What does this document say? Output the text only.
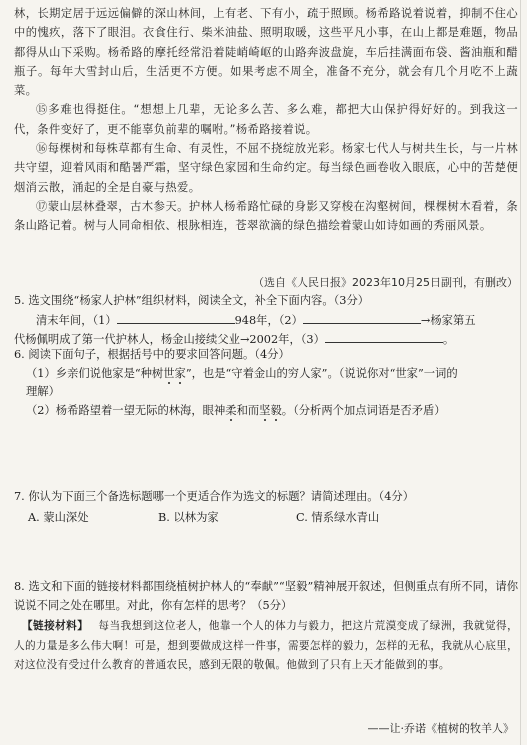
林，长期定居于远远偏僻的深山林间，上有老、下有小，疏于照顾。杨希路说着说着，抑制不住心中的愧疚，落下了眼泪。衣食住行、柴米油盐、照明取暖，这些平凡小事，在山上都是难题，物品都得从山下采购。杨希路的摩托经常沿着陡峭崎岖的山路奔波盘旋，车后挂满面布袋、酱油瓶和醋瓶子。每年大雪封山后，生活更不方便。如果考虑不周全，准备不充分，就会有几个月吃不上蔬菜。

⑮多难也得挺住。“想想上几辈，无论多么苦、多么难，都把大山保护得好好的。到我这一代，条件变好了，更不能辜负前辈的嘱咐。”杨希路接着说。

⑯每棵树和每株草都有生命、有灵性，不屈不挠绽放光彩。杨家七代人与树共生长，与一片林共守望，迎着风雨和酷暑严霜，坚守绿色家园和生命约定。每当绿色画卷收入眼底，心中的苦楚便烟消云散，涌起的全是自豪与热爱。

⑰蒙山层林叠翠，古木参天。护林人杨希路忙碌的身影又穿梭在沟壑树间，棵棵树木看着，条条山路记着。树与人同命相依、根脉相连，苍翠欲滴的绿色描绘着蒙山如诗如画的秀丽风景。

（选自《人民日报》2023年10月25日副刊，有删改）

5. 选文围绕“杨家人护林”组织材料，阅读全文，补全下面内容。（3分）

清末年间，（1）	948年，（2）	→杨家第五

代杨佩明成了第一代护林人，杨金山接续父业→2002年，（3）	。

6. 阅读下面句子，根据括号中的要求回答问题。（4分）

（1）乡亲们说他家是“种树世家”，也是“守着金山的穷人家”。（说说你对“世家”一词的

理解）

（2）杨希路望着一望无际的林海，眼神柔和而坚毅。（分析两个加点词语是否矛盾）

7. 你认为下面三个备选标题哪一个更适合作为选文的标题？请简述理由。（4分）

A. 蒙山深处	B. 以林为家	C. 情系绿水青山

8. 选文和下面的链接材料都围绕植树护林人的“奉献”“坚毅”精神展开叙述，但侧重点有所不同，请你说说不同之处在哪里。对此，你有怎样的思考？（5分）

【链接材料】 每当我想到这位老人，他靠一个人的体力与毅力，把这片荒漠变成了绿洲，我就觉得，人的力量是多么伟大啊！可是，想到要做成这样一件事，需要怎样的毅力，怎样的无私，我就从心底里，对这位没有受过什么教育的普通农民，感到无限的敬佩。他做到了只有上天才能做到的事。

——让·乔诺《植树的牧羊人》
